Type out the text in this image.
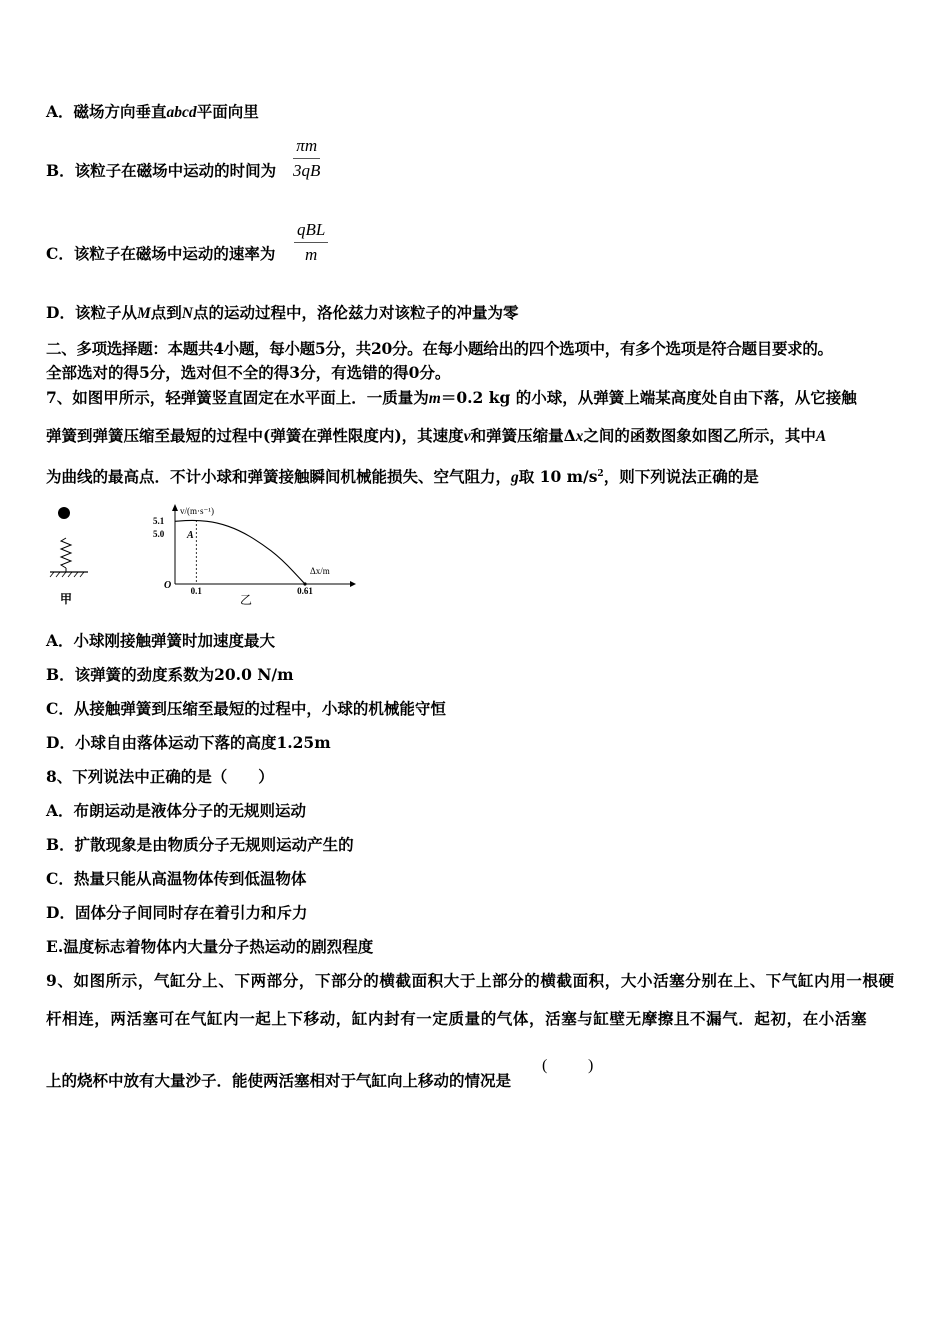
A．磁场方向垂直abcd平面向里
B．该粒子在磁场中运动的时间为 $\frac{\pi m}{3qB}$
C．该粒子在磁场中运动的速率为
qBL
m
D．该粒子从M点到N点的运动过程中，洛伦兹力对该粒子的冲量为零
二、多项选择题：本题共4小题，每小题5分，共20分。在每小题给出的四个选项中，有多个选项是符合题目要求的。
全部选对的得5分，选对但不全的得3分，有选错的得0分。
7、如图甲所示，轻弹簧竖直固定在水平面上．一质量为m＝0.2 kg 的小球，从弹簧上端某高度处自由下落，从它接触
弹簧到弹簧压缩至最短的过程中(弹簧在弹性限度内)，其速度v和弹簧压缩量Δx之间的函数图象如图乙所示，其中A
为曲线的最高点．不计小球和弹簧接触瞬间机械能损失、空气阻力，g取 10 $m/s^2$，则下列说法正确的是
甲
v/(m·s⁻¹)
Δx/m
5.1
5.0
O
A
0.1	0.61
乙
A．小球刚接触弹簧时加速度最大
B．该弹簧的劲度系数为20.0 N/m
C．从接触弹簧到压缩至最短的过程中，小球的机械能守恒
D．小球自由落体运动下落的高度1.25m
8、下列说法中正确的是（　　）
A．布朗运动是液体分子的无规则运动
B．扩散现象是由物质分子无规则运动产生的
C．热量只能从高温物体传到低温物体
D．固体分子间同时存在着引力和斥力
E.温度标志着物体内大量分子热运动的剧烈程度
9、如图所示，气缸分上、下两部分，下部分的横截面积大于上部分的横截面积，大小活塞分别在上、下气缸内用一根硬
杆相连，两活塞可在气缸内一起上下移动，缸内封有一定质量的气体，活塞与缸壁无摩擦且不漏气．起初，在小活塞
上的烧杯中放有大量沙子．能使两活塞相对于气缸向上移动的情况是
(	)
